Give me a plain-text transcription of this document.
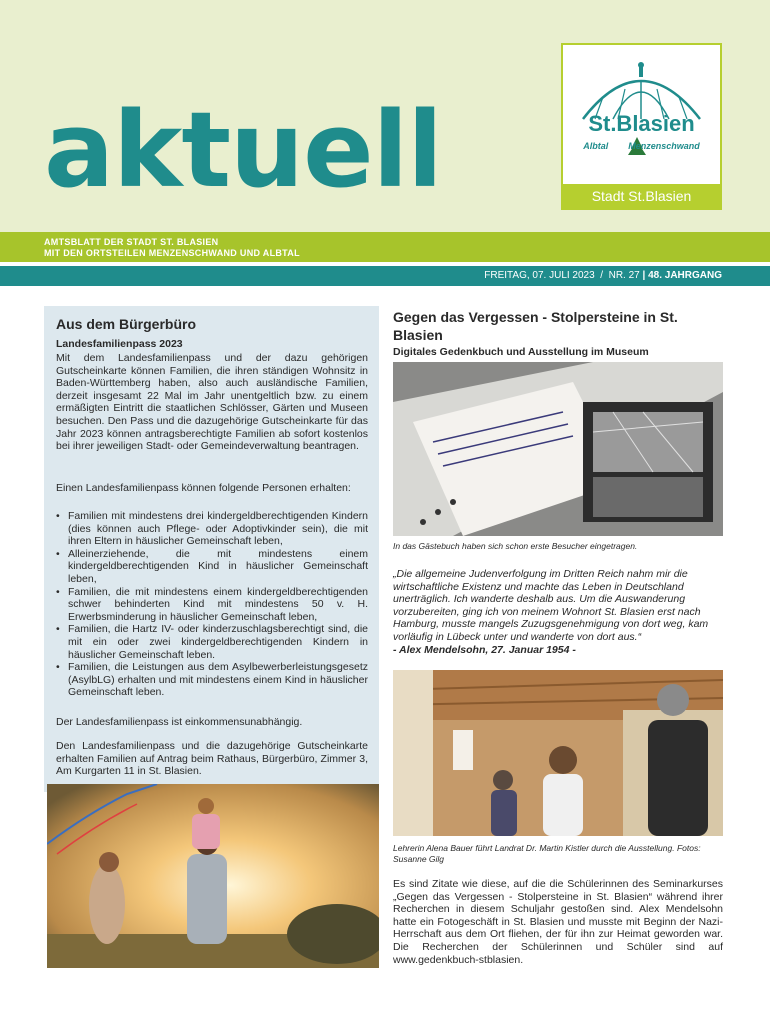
aktuell	St.Blasien
Albtal Menzenschwand
Stadt St.Blasien
AMTSBLATT DER STADT ST. BLASIEN
MIT DEN ORTSTEILEN MENZENSCHWAND UND ALBTAL
FREITAG, 07. JULI 2023 / NR. 27 | 48. JAHRGANG
Aus dem Bürgerbüro
Landesfamilienpass 2023
Mit dem Landesfamilienpass und der dazu gehörigen Gutscheinkarte können Familien, die ihren ständigen Wohnsitz in Baden-Württemberg haben, also auch ausländische Familien, derzeit insgesamt 22 Mal im Jahr unentgeltlich bzw. zu einem ermäßigten Eintritt die staatlichen Schlösser, Gärten und Museen besuchen. Den Pass und die dazugehörige Gutscheinkarte für das Jahr 2023 können antragsberechtigte Familien ab sofort kostenlos bei ihrer jeweiligen Stadt- oder Gemeindeverwaltung beantragen.
Einen Landesfamilienpass können folgende Personen erhalten:
• Familien mit mindestens drei kindergeldberechtigenden Kindern (dies können auch Pflege- oder Adoptivkinder sein), die mit ihren Eltern in häuslicher Gemeinschaft leben,
• Alleinerziehende, die mit mindestens einem kindergeldberechtigenden Kind in häuslicher Gemeinschaft leben,
• Familien, die mit mindestens einem kindergeldberechtigenden schwer behinderten Kind mit mindestens 50 v. H. Erwerbsminderung in häuslicher Gemeinschaft leben,
• Familien, die Hartz IV- oder kinderzuschlagsberechtigt sind, die mit ein oder zwei kindergeldberechtigenden Kindern in häuslicher Gemeinschaft leben.
• Familien, die Leistungen aus dem Asylbewerberleistungsgesetz (AsylbLG) erhalten und mit mindestens einem Kind in häuslicher Gemeinschaft leben.
Der Landesfamilienpass ist einkommensunabhängig.
Den Landesfamilienpass und die dazugehörige Gutscheinkarte erhalten Familien auf Antrag beim Rathaus, Bürgerbüro, Zimmer 3, Am Kurgarten 11 in St. Blasien.
Gegen das Vergessen - Stolpersteine in St. Blasien
Digitales Gedenkbuch und Ausstellung im Museum
In das Gästebuch haben sich schon erste Besucher eingetragen.
„Die allgemeine Judenverfolgung im Dritten Reich nahm mir die wirtschaftliche Existenz und machte das Leben in Deutschland unerträglich. Ich wanderte deshalb aus. Um die Auswanderung vorzubereiten, ging ich von meinem Wohnort St. Blasien erst nach Hamburg, musste mangels Zuzugsgenehmigung von dort weg, kam vorläufig in Lübeck unter und wanderte von dort aus.“
- Alex Mendelsohn, 27. Januar 1954 -
Lehrerin Alena Bauer führt Landrat Dr. Martin Kistler durch die Ausstellung. Fotos: Susanne Gilg
Es sind Zitate wie diese, auf die die Schülerinnen des Seminarkurses „Gegen das Vergessen - Stolpersteine in St. Blasien“ während ihrer Recherchen in diesem Schuljahr gestoßen sind. Alex Mendelsohn hatte ein Fotogeschäft in St. Blasien und musste mit Beginn der Nazi-Herrschaft aus dem Ort fliehen, der für ihn zur Heimat geworden war. Die Recherchen der Schülerinnen und Schüler sind auf www.gedenkbuch-stblasien.
